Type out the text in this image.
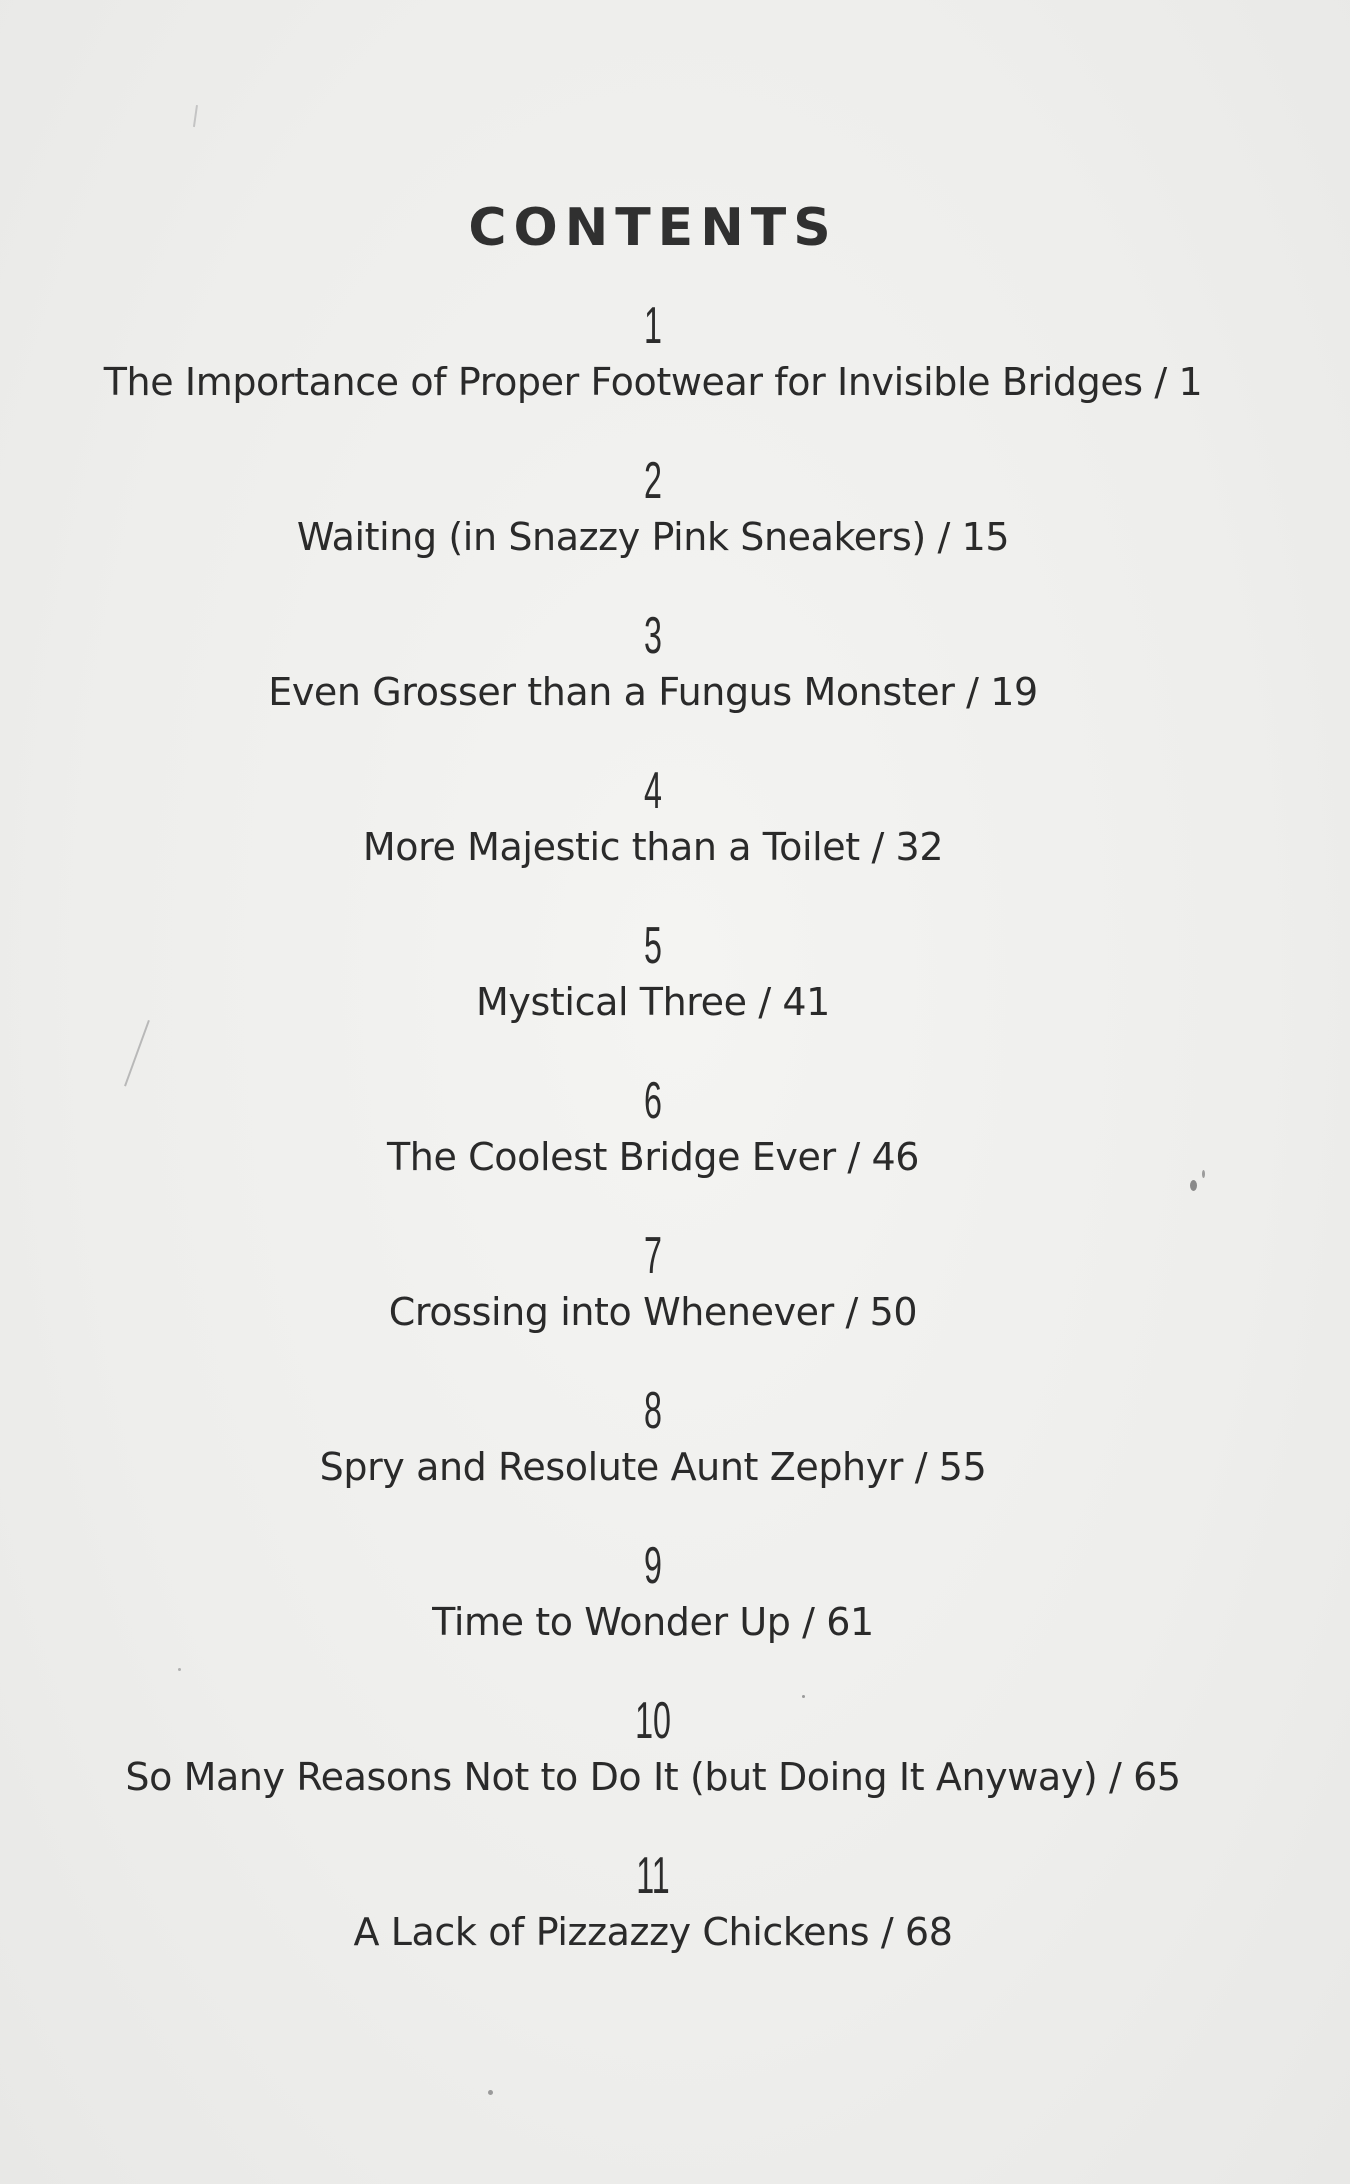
CONTENTS
1
The Importance of Proper Footwear for Invisible Bridges / 1
2
Waiting (in Snazzy Pink Sneakers) / 15
3
Even Grosser than a Fungus Monster / 19
4
More Majestic than a Toilet / 32
5
Mystical Three / 41
6
The Coolest Bridge Ever / 46
7
Crossing into Whenever / 50
8
Spry and Resolute Aunt Zephyr / 55
9
Time to Wonder Up / 61
10
So Many Reasons Not to Do It (but Doing It Anyway) / 65
11
A Lack of Pizzazzy Chickens / 68
